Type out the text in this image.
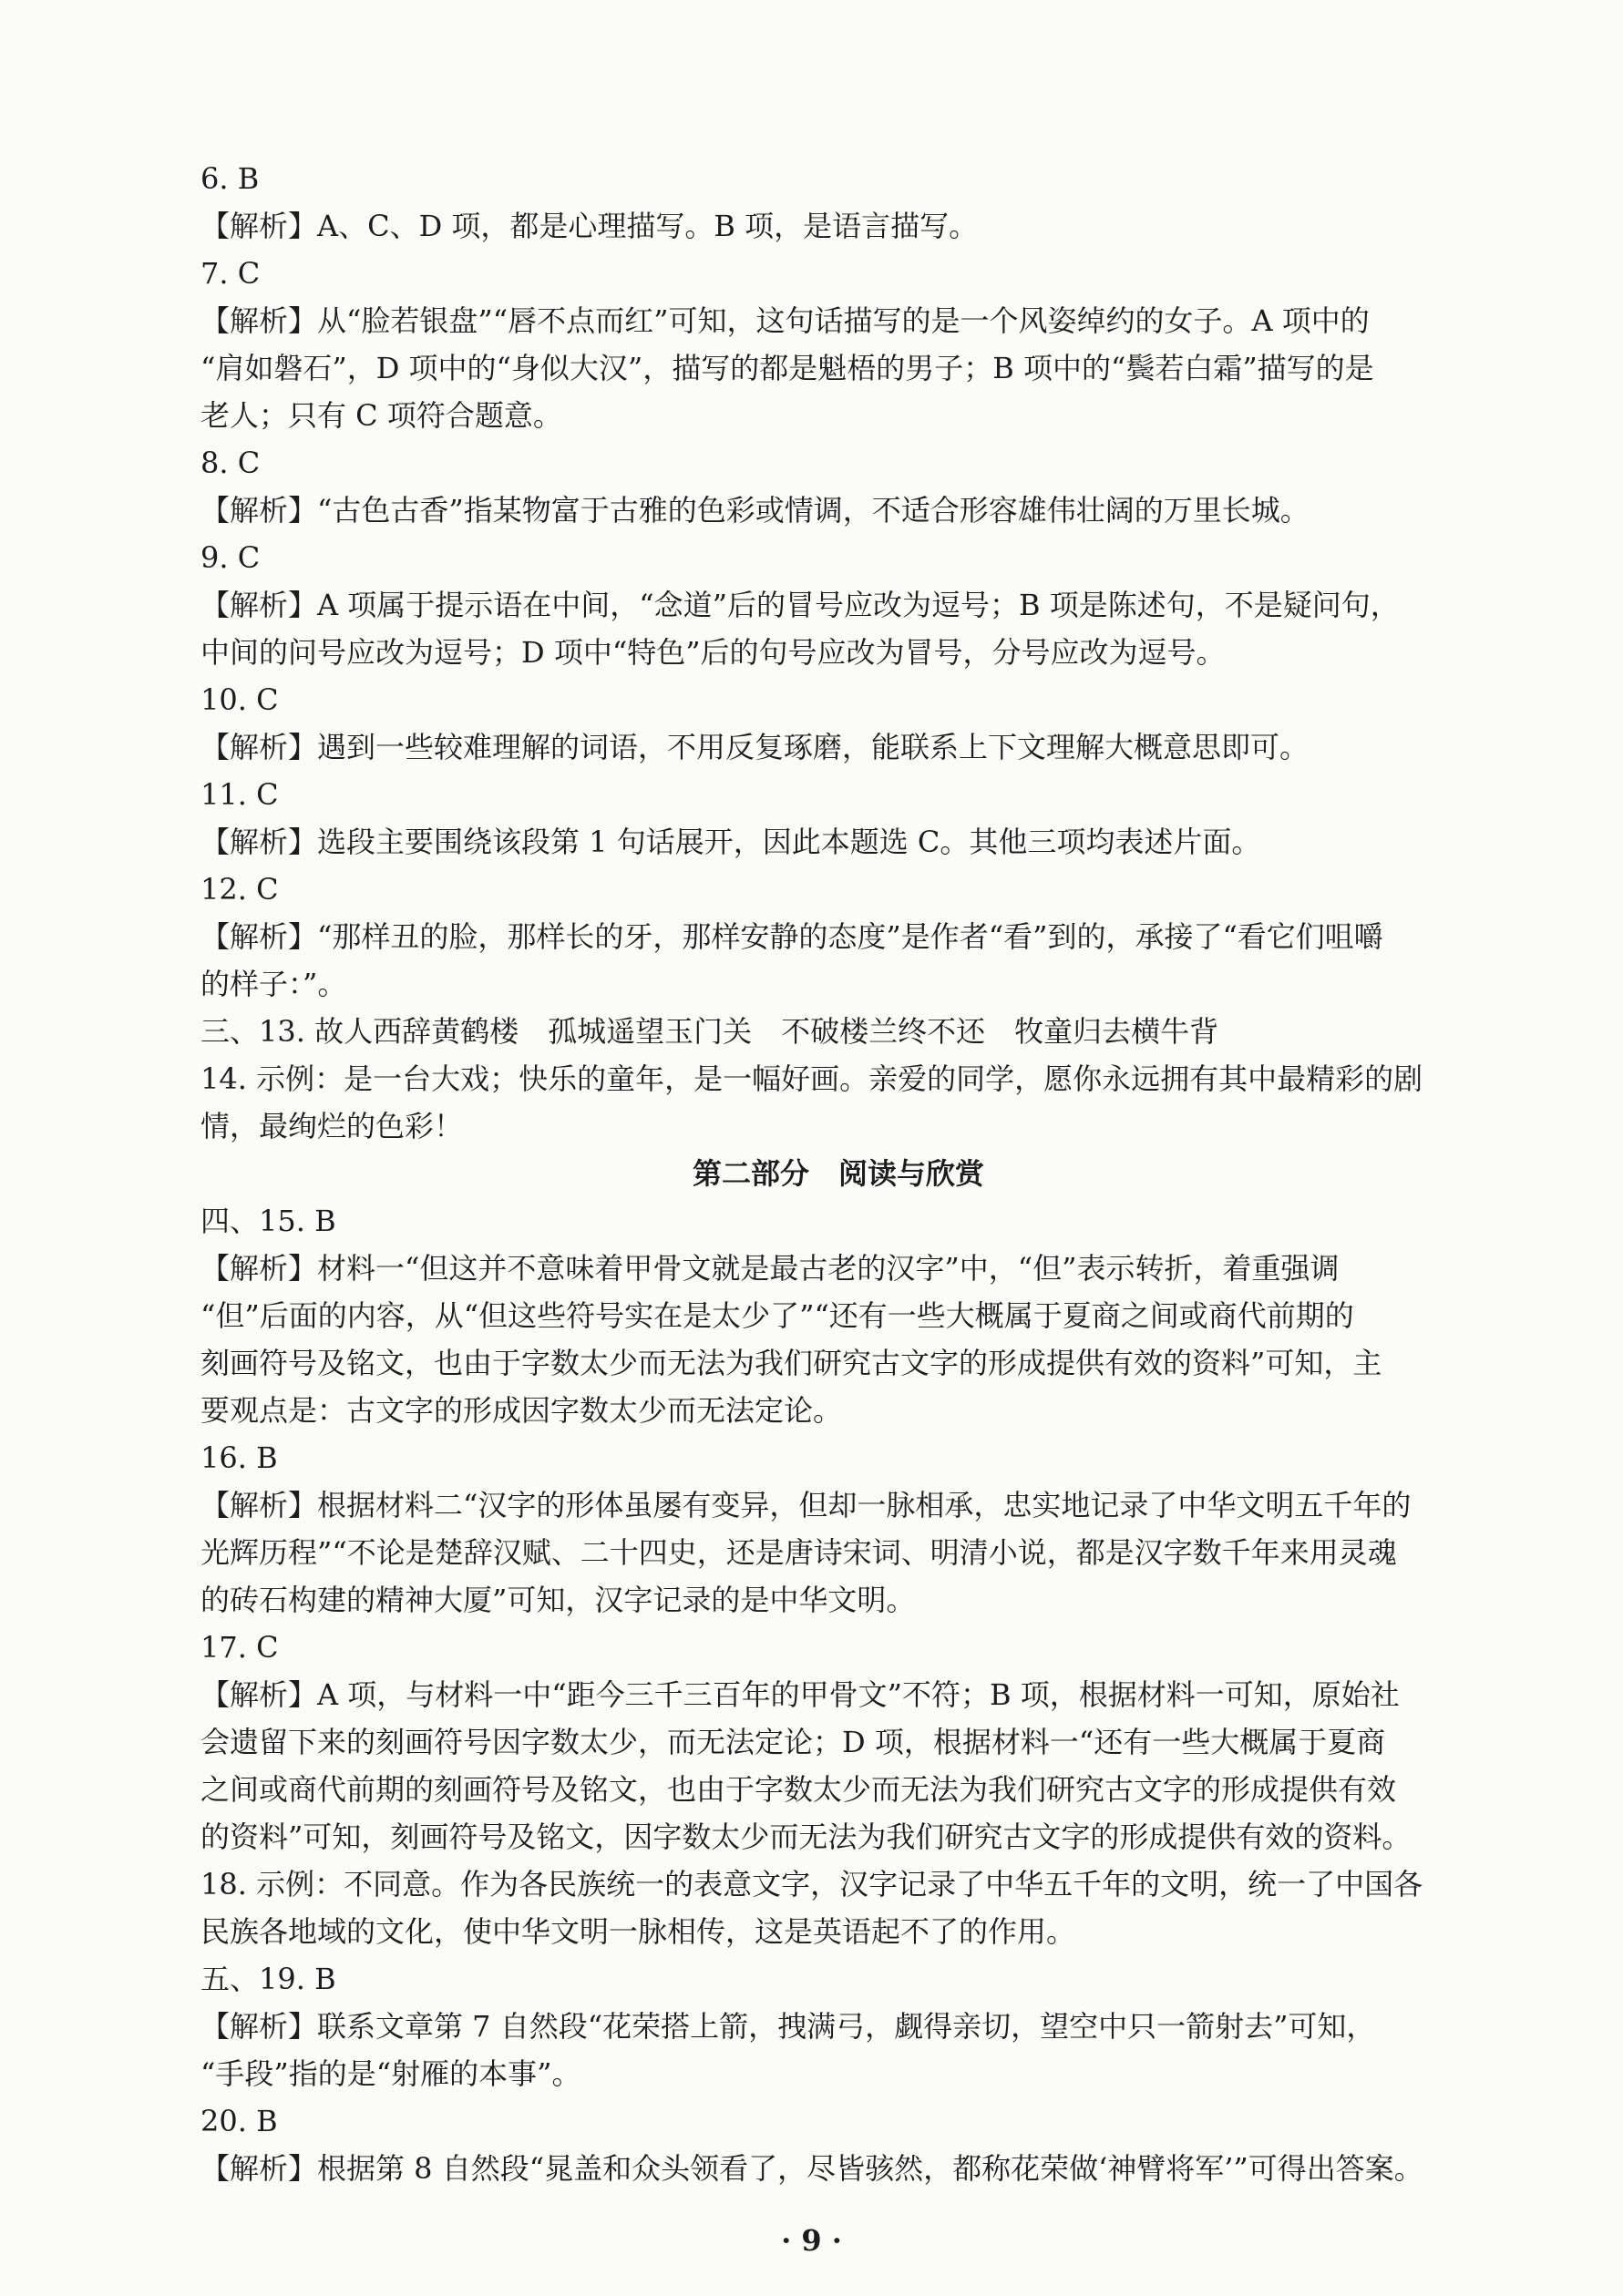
6. B
【解析】A、C、D 项，都是心理描写。B 项，是语言描写。
7. C
【解析】从“脸若银盘”“唇不点而红”可知，这句话描写的是一个风姿绰约的女子。A 项中的
“肩如磐石”，D 项中的“身似大汉”，描写的都是魁梧的男子；B 项中的“鬓若白霜”描写的是
老人；只有 C 项符合题意。
8. C
【解析】“古色古香”指某物富于古雅的色彩或情调，不适合形容雄伟壮阔的万里长城。
9. C
【解析】A 项属于提示语在中间，“念道”后的冒号应改为逗号；B 项是陈述句，不是疑问句，
中间的问号应改为逗号；D 项中“特色”后的句号应改为冒号，分号应改为逗号。
10. C
【解析】遇到一些较难理解的词语，不用反复琢磨，能联系上下文理解大概意思即可。
11. C
【解析】选段主要围绕该段第 1 句话展开，因此本题选 C。其他三项均表述片面。
12. C
【解析】“那样丑的脸，那样长的牙，那样安静的态度”是作者“看”到的，承接了“看它们咀嚼
的样子：”。
三、13. 故人西辞黄鹤楼　孤城遥望玉门关　不破楼兰终不还　牧童归去横牛背
14. 示例：是一台大戏；快乐的童年，是一幅好画。亲爱的同学，愿你永远拥有其中最精彩的剧
情，最绚烂的色彩！
第二部分　阅读与欣赏
四、15. B
【解析】材料一“但这并不意味着甲骨文就是最古老的汉字”中，“但”表示转折，着重强调
“但”后面的内容，从“但这些符号实在是太少了”“还有一些大概属于夏商之间或商代前期的
刻画符号及铭文，也由于字数太少而无法为我们研究古文字的形成提供有效的资料”可知，主
要观点是：古文字的形成因字数太少而无法定论。
16. B
【解析】根据材料二“汉字的形体虽屡有变异，但却一脉相承，忠实地记录了中华文明五千年的
光辉历程”“不论是楚辞汉赋、二十四史，还是唐诗宋词、明清小说，都是汉字数千年来用灵魂
的砖石构建的精神大厦”可知，汉字记录的是中华文明。
17. C
【解析】A 项，与材料一中“距今三千三百年的甲骨文”不符；B 项，根据材料一可知，原始社
会遗留下来的刻画符号因字数太少，而无法定论；D 项，根据材料一“还有一些大概属于夏商
之间或商代前期的刻画符号及铭文，也由于字数太少而无法为我们研究古文字的形成提供有效
的资料”可知，刻画符号及铭文，因字数太少而无法为我们研究古文字的形成提供有效的资料。
18. 示例：不同意。作为各民族统一的表意文字，汉字记录了中华五千年的文明，统一了中国各
民族各地域的文化，使中华文明一脉相传，这是英语起不了的作用。
五、19. B
【解析】联系文章第 7 自然段“花荣搭上箭，拽满弓，觑得亲切，望空中只一箭射去”可知，
“手段”指的是“射雁的本事”。
20. B
【解析】根据第 8 自然段“晁盖和众头领看了，尽皆骇然，都称花荣做‘神臂将军’”可得出答案。
· 9 ·
